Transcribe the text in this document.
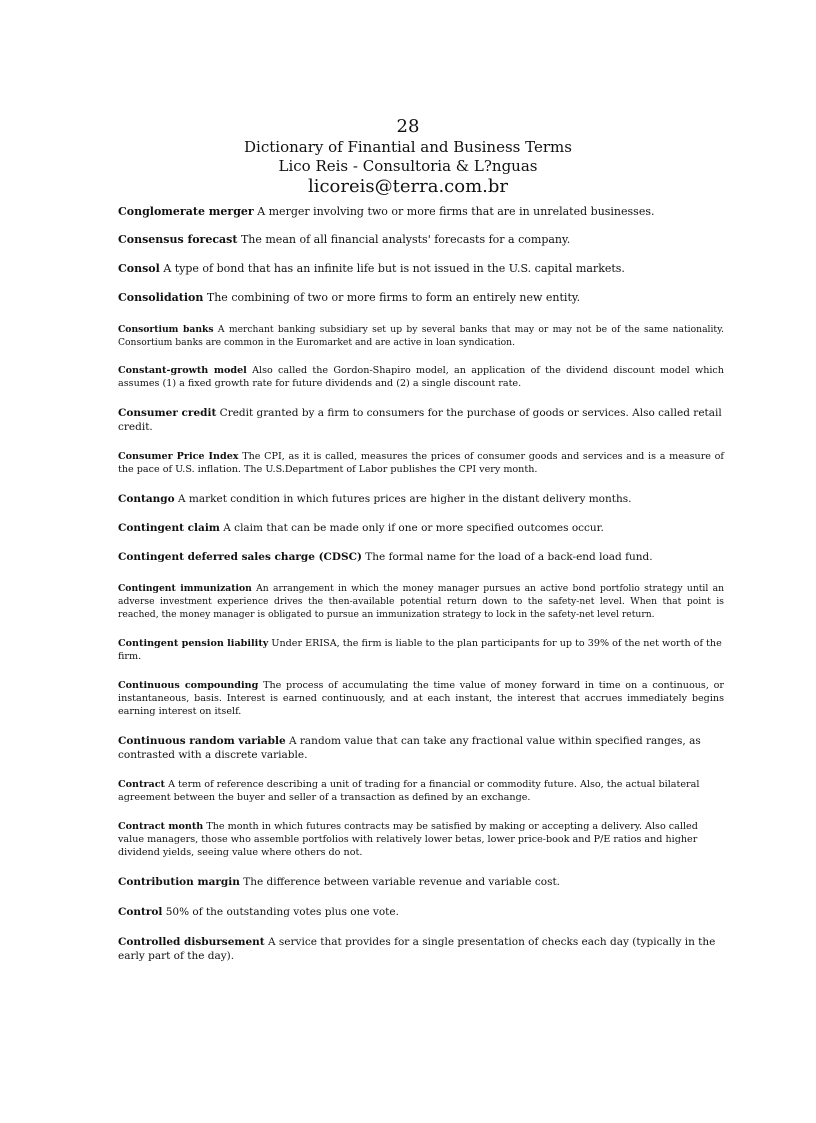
28
Dictionary of Finantial and Business Terms
Lico Reis - Consultoria & L?nguas
licoreis@terra.com.br

Conglomerate merger A merger involving two or more firms that are in unrelated businesses.

Consensus forecast The mean of all financial analysts' forecasts for a company.

Consol A type of bond that has an infinite life but is not issued in the U.S. capital markets.

Consolidation The combining of two or more firms to form an entirely new entity.

Consortium banks A merchant banking subsidiary set up by several banks that may or may not be of the same nationality. Consortium banks are common in the Euromarket and are active in loan syndication.

Constant-growth model Also called the Gordon-Shapiro model, an application of the dividend discount model which assumes (1) a fixed growth rate for future dividends and (2) a single discount rate.

Consumer credit Credit granted by a firm to consumers for the purchase of goods or services. Also called retail credit.

Consumer Price Index The CPI, as it is called, measures the prices of consumer goods and services and is a measure of the pace of U.S. inflation. The U.S.Department of Labor publishes the CPI very month.

Contango A market condition in which futures prices are higher in the distant delivery months.

Contingent claim A claim that can be made only if one or more specified outcomes occur.

Contingent deferred sales charge (CDSC) The formal name for the load of a back-end load fund.

Contingent immunization An arrangement in which the money manager pursues an active bond portfolio strategy until an adverse investment experience drives the then-available potential return down to the safety-net level. When that point is reached, the money manager is obligated to pursue an immunization strategy to lock in the safety-net level return.

Contingent pension liability Under ERISA, the firm is liable to the plan participants for up to 39% of the net worth of the firm.

Continuous compounding The process of accumulating the time value of money forward in time on a continuous, or instantaneous, basis. Interest is earned continuously, and at each instant, the interest that accrues immediately begins earning interest on itself.

Continuous random variable A random value that can take any fractional value within specified ranges, as contrasted with a discrete variable.

Contract A term of reference describing a unit of trading for a financial or commodity future. Also, the actual bilateral agreement between the buyer and seller of a transaction as defined by an exchange.

Contract month The month in which futures contracts may be satisfied by making or accepting a delivery. Also called value managers, those who assemble portfolios with relatively lower betas, lower price-book and P/E ratios and higher dividend yields, seeing value where others do not.

Contribution margin The difference between variable revenue and variable cost.

Control 50% of the outstanding votes plus one vote.

Controlled disbursement A service that provides for a single presentation of checks each day (typically in the early part of the day).
